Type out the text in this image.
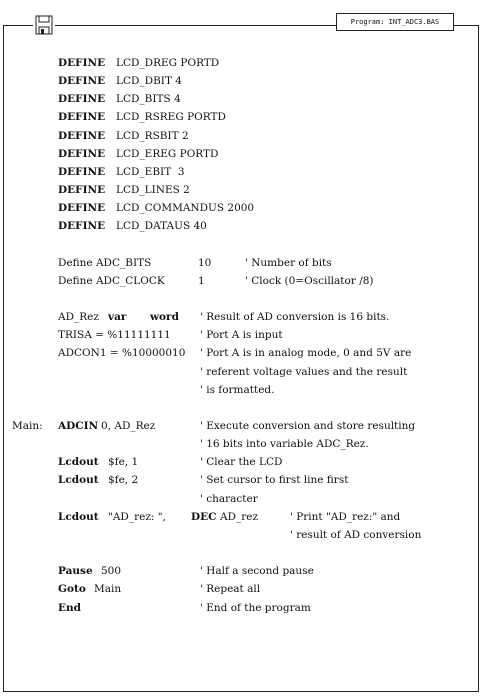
Program: INT_ADC3.BAS
DEFINE LCD_DREG PORTD
DEFINE LCD_DBIT 4
DEFINE LCD_BITS 4
DEFINE LCD_RSREG PORTD
DEFINE LCD_RSBIT 2
DEFINE LCD_EREG PORTD
DEFINE LCD_EBIT  3
DEFINE LCD_LINES 2
DEFINE LCD_COMMANDUS 2000
DEFINE LCD_DATAUS 40
Define ADC_BITS	10	' Number of bits
Define ADC_CLOCK	1	' Clock (0=Oscillator /8)
AD_Rez var word ' Result of AD conversion is 16 bits.
TRISA = %11111111	' Port A is input
ADCON1 = %10000010 ' Port A is in analog mode, 0 and 5V are
' referent voltage values and the result
' is formatted.
Main: ADCIN 0, AD_Rez	' Execute conversion and store resulting
' 16 bits into variable ADC_Rez.
Lcdout $fe, 1	' Clear the LCD
Lcdout $fe, 2	' Set cursor to first line first
' character
Lcdout "AD_rez: ", DEC AD_rez	' Print "AD_rez:" and
' result of AD conversion
Pause 500	' Half a second pause
Goto Main	' Repeat all
End	' End of the program
